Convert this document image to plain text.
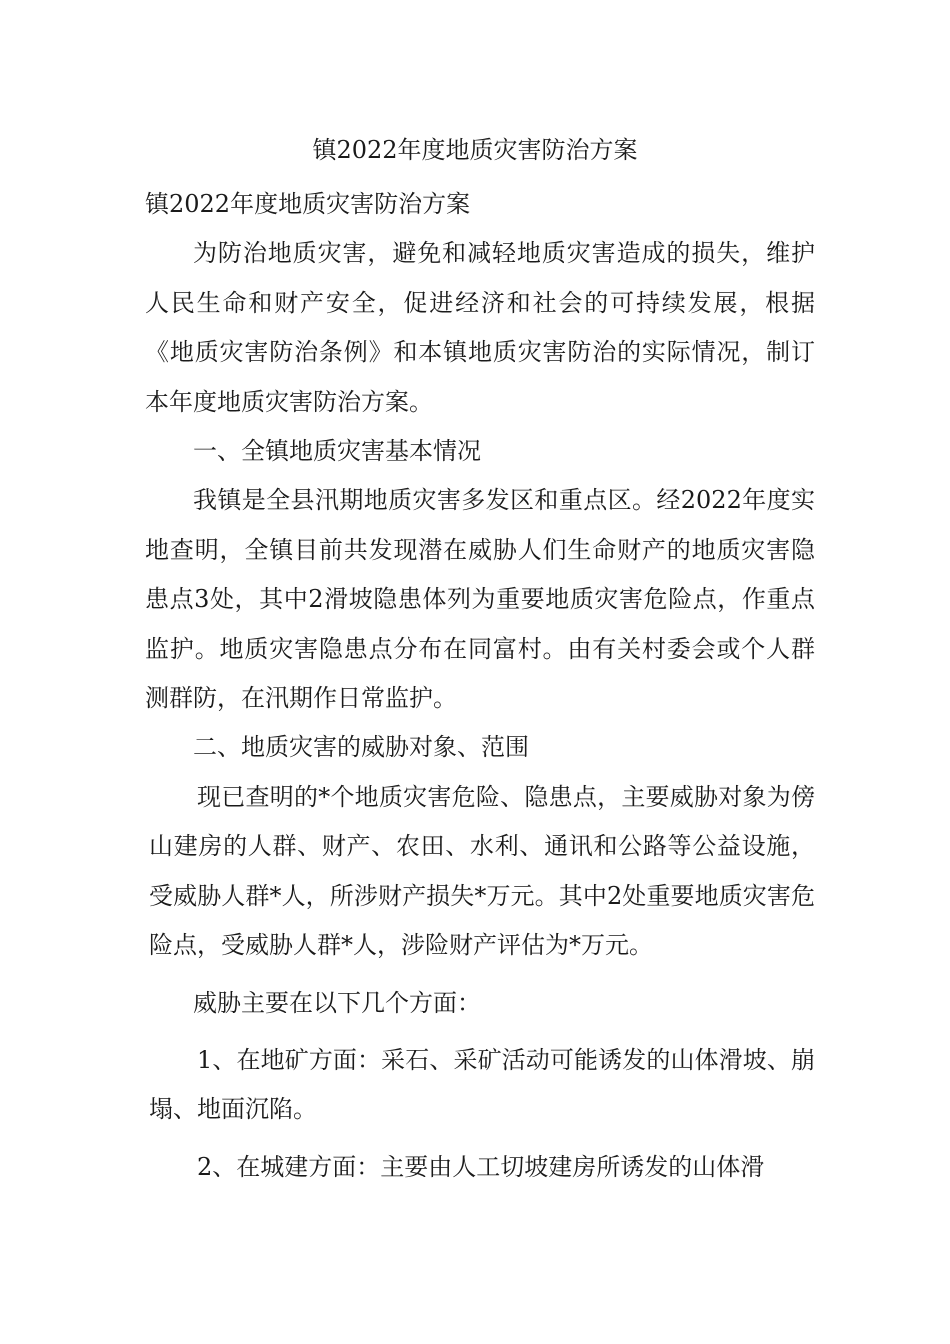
镇2022年度地质灾害防治方案

镇2022年度地质灾害防治方案

为防治地质灾害，避免和减轻地质灾害造成的损失，维护人民生命和财产安全，促进经济和社会的可持续发展，根据《地质灾害防治条例》和本镇地质灾害防治的实际情况，制订本年度地质灾害防治方案。

一、全镇地质灾害基本情况

我镇是全县汛期地质灾害多发区和重点区。经2022年度实地查明，全镇目前共发现潜在威胁人们生命财产的地质灾害隐患点3处，其中2滑坡隐患体列为重要地质灾害危险点，作重点监护。地质灾害隐患点分布在同富村。由有关村委会或个人群测群防，在汛期作日常监护。

二、地质灾害的威胁对象、范围

现已查明的*个地质灾害危险、隐患点，主要威胁对象为傍山建房的人群、财产、农田、水利、通讯和公路等公益设施，受威胁人群*人，所涉财产损失*万元。其中2处重要地质灾害危险点，受威胁人群*人，涉险财产评估为*万元。

威胁主要在以下几个方面：

1、在地矿方面：采石、采矿活动可能诱发的山体滑坡、崩塌、地面沉陷。

2、在城建方面：主要由人工切坡建房所诱发的山体滑
